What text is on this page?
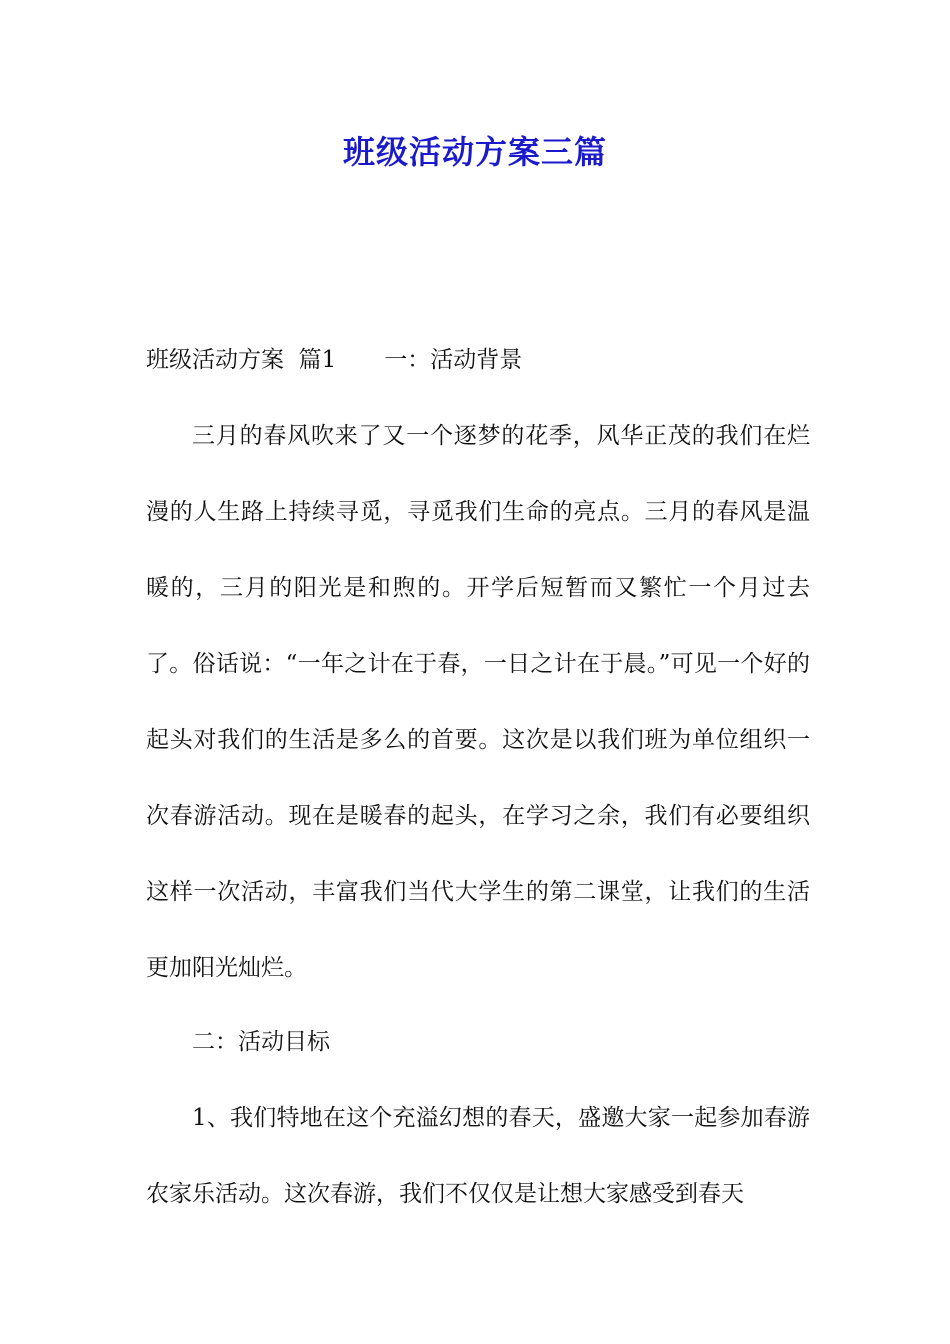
班级活动方案三篇

班级活动方案  篇1 一：活动背景

三月的春风吹来了又一个逐梦的花季，风华正茂的我们在烂漫的人生路上持续寻觅，寻觅我们生命的亮点。三月的春风是温暖的，三月的阳光是和煦的。开学后短暂而又繁忙一个月过去了。俗话说：“一年之计在于春，一日之计在于晨。”可见一个好的起头对我们的生活是多么的首要。这次是以我们班为单位组织一次春游活动。现在是暖春的起头，在学习之余，我们有必要组织这样一次活动，丰富我们当代大学生的第二课堂，让我们的生活更加阳光灿烂。

二：活动目标

1、我们特地在这个充溢幻想的春天，盛邀大家一起参加春游农家乐活动。这次春游，我们不仅仅是让想大家感受到春天
